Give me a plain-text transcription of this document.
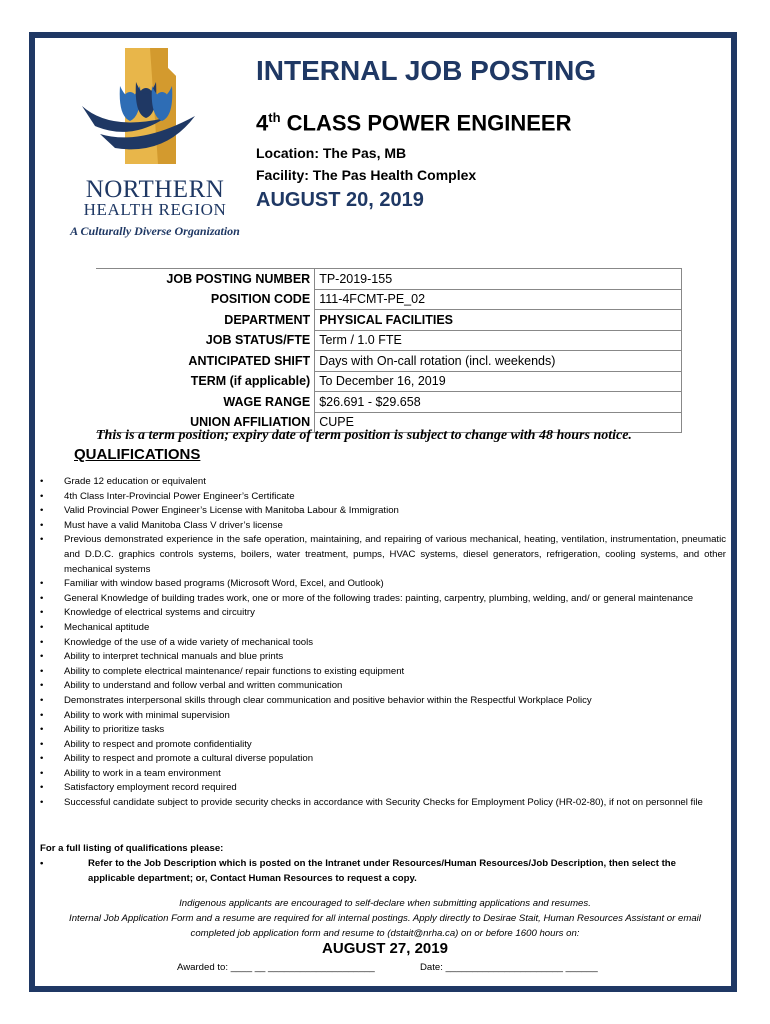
NORTHERN
HEALTH REGION
A Culturally Diverse Organization
INTERNAL JOB POSTING
4th CLASS POWER ENGINEER
Location: The Pas, MB
Facility: The Pas Health Complex
AUGUST 20, 2019
JOB POSTING NUMBER	TP-2019-155
POSITION CODE	111-4FCMT-PE_02
DEPARTMENT	PHYSICAL FACILITIES
JOB STATUS/FTE	Term / 1.0 FTE
ANTICIPATED SHIFT	Days with On-call rotation (incl. weekends)
TERM (if applicable)	To December 16, 2019
WAGE RANGE	$26.691 - $29.658
UNION AFFILIATION	CUPE
This is a term position; expiry date of term position is subject to change with 48 hours notice.
QUALIFICATIONS
• Grade 12 education or equivalent
• 4th Class Inter-Provincial Power Engineer’s Certificate
• Valid Provincial Power Engineer’s License with Manitoba Labour & Immigration
• Must have a valid Manitoba Class V driver’s license
• Previous demonstrated experience in the safe operation, maintaining, and repairing of various mechanical, heating, ventilation, instrumentation, pneumatic and D.D.C. graphics controls systems, boilers, water treatment, pumps, HVAC systems, diesel generators, refrigeration, cooling systems, and other mechanical systems
• Familiar with window based programs (Microsoft Word, Excel, and Outlook)
• General Knowledge of building trades work, one or more of the following trades: painting, carpentry, plumbing, welding, and/ or general maintenance
• Knowledge of electrical systems and circuitry
• Mechanical aptitude
• Knowledge of the use of a wide variety of mechanical tools
• Ability to interpret technical manuals and blue prints
• Ability to complete electrical maintenance/ repair functions to existing equipment
• Ability to understand and follow verbal and written communication
• Demonstrates interpersonal skills through clear communication and positive behavior within the Respectful Workplace Policy
• Ability to work with minimal supervision
• Ability to prioritize tasks
• Ability to respect and promote confidentiality
• Ability to respect and promote a cultural diverse population
• Ability to work in a team environment
• Satisfactory employment record required
• Successful candidate subject to provide security checks in accordance with Security Checks for Employment Policy (HR-02-80), if not on personnel file
For a full listing of qualifications please:
•	Refer to the Job Description which is posted on the Intranet under Resources/Human Resources/Job Description, then select the applicable department; or, Contact Human Resources to request a copy.
Indigenous applicants are encouraged to self-declare when submitting applications and resumes.
Internal Job Application Form and a resume are required for all internal postings. Apply directly to Desirae Stait, Human Resources Assistant or email
completed job application form and resume to (dstait@nrha.ca) on or before 1600 hours on:
AUGUST 27, 2019
Awarded to: ____ __ ____________________	Date: ______________________ ______
